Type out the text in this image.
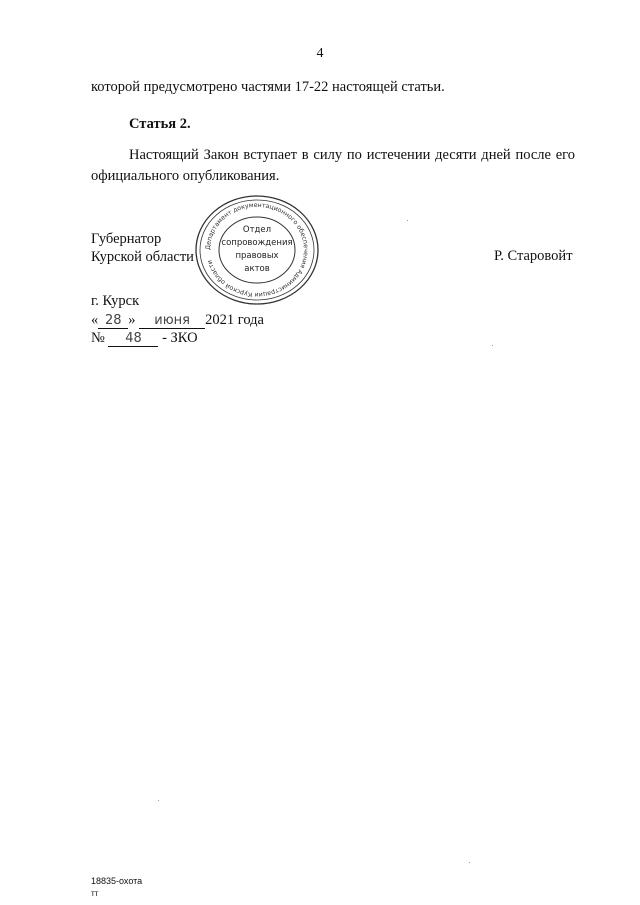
4
которой предусмотрено частями 17-22 настоящей статьи.
Статья 2.
Настоящий Закон вступает в силу по истечении десяти дней после его
официального опубликования.
Губернатор
Курской области	Р. Старовойт
Департамент документационного обеспечения Администрации Курской области
Отдел
сопровождения
правовых
актов
г. Курск
« 28 » июня 2021 года
№ 48 - ЗКО
18835-охота
тт
